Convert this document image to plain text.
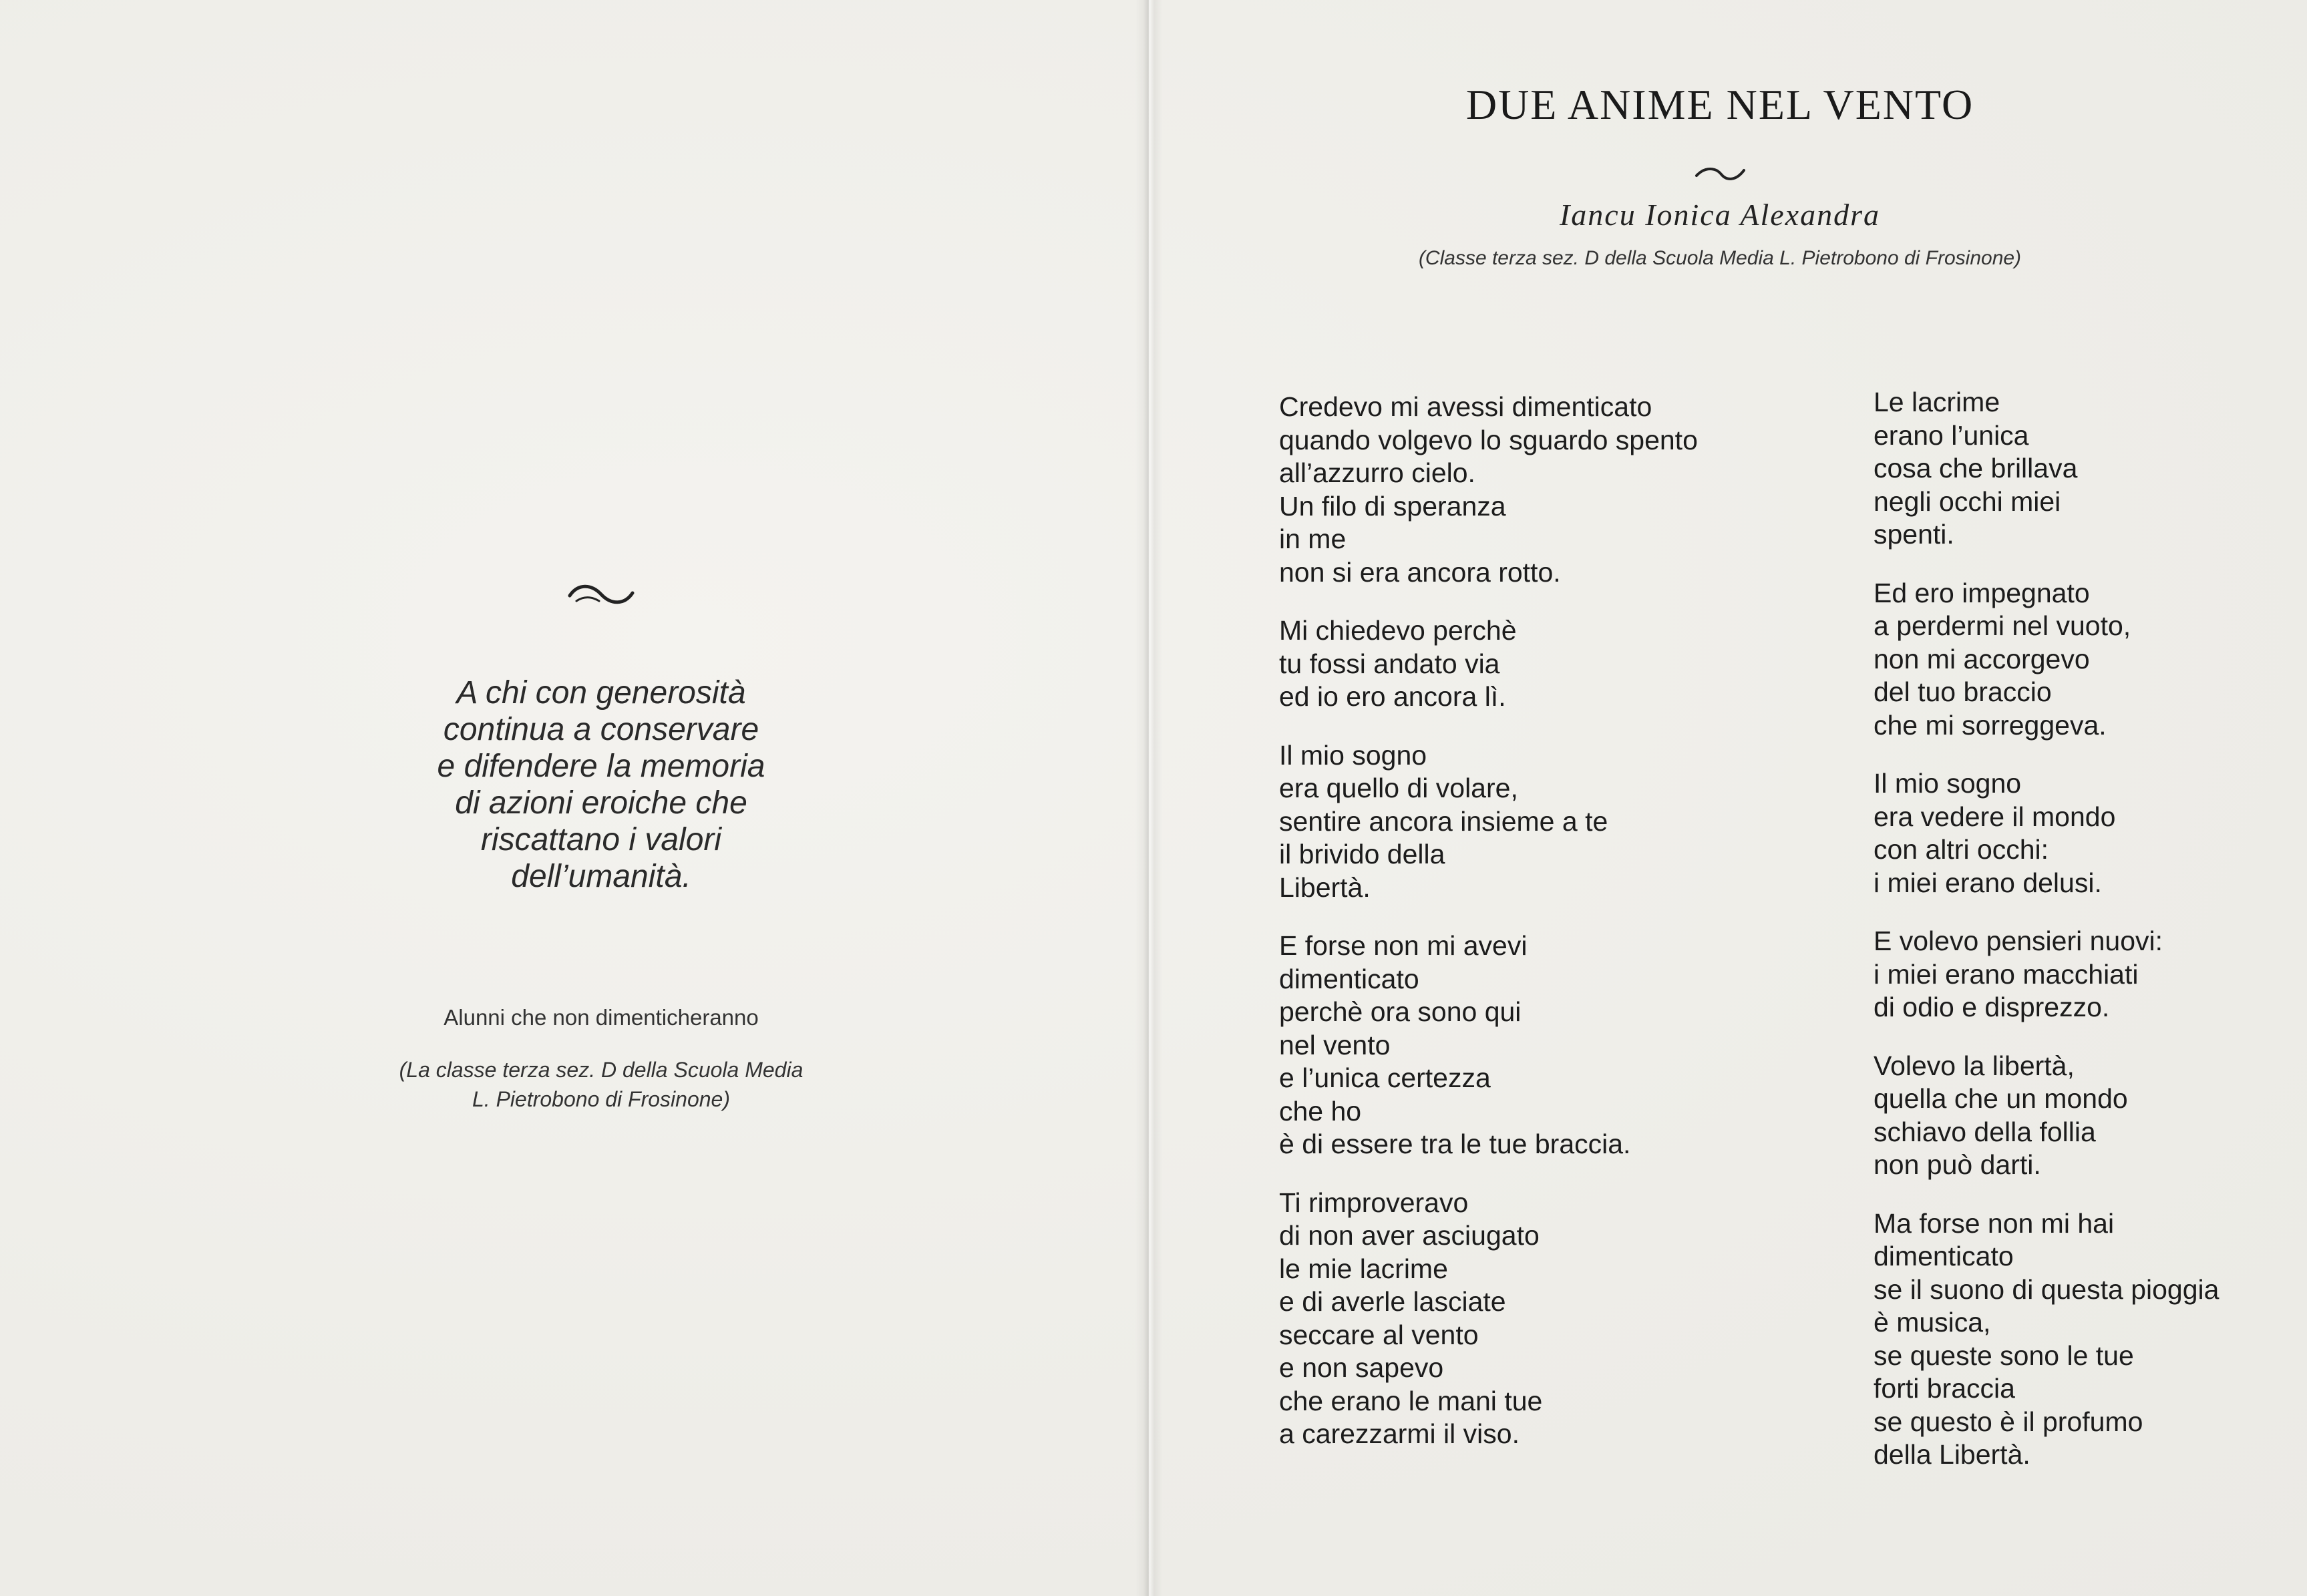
A chi con generosità
continua a conservare
e difendere la memoria
di azioni eroiche che
riscattano i valori
dell’umanità.
Alunni che non dimenticheranno
(La classe terza sez. D della Scuola Media
L. Pietrobono di Frosinone)
DUE ANIME NEL VENTO
Iancu Ionica Alexandra
(Classe terza sez. D della Scuola Media L. Pietrobono di Frosinone)
Credevo mi avessi dimenticato
quando volgevo lo sguardo spento
all’azzurro cielo.
Un filo di speranza
in me
non si era ancora rotto.
Mi chiedevo perchè
tu fossi andato via
ed io ero ancora lì.
Il mio sogno
era quello di volare,
sentire ancora insieme a te
il brivido della
Libertà.
E forse non mi avevi
dimenticato
perchè ora sono qui
nel vento
e l’unica certezza
che ho
è di essere tra le tue braccia.
Ti rimproveravo
di non aver asciugato
le mie lacrime
e di averle lasciate
seccare al vento
e non sapevo
che erano le mani tue
a carezzarmi il viso.
Le lacrime
erano l’unica
cosa che brillava
negli occhi miei
spenti.
Ed ero impegnato
a perdermi nel vuoto,
non mi accorgevo
del tuo braccio
che mi sorreggeva.
Il mio sogno
era vedere il mondo
con altri occhi:
i miei erano delusi.
E volevo pensieri nuovi:
i miei erano macchiati
di odio e disprezzo.
Volevo la libertà,
quella che un mondo
schiavo della follia
non può darti.
Ma forse non mi hai
dimenticato
se il suono di questa pioggia
è musica,
se queste sono le tue
forti braccia
se questo è il profumo
della Libertà.
